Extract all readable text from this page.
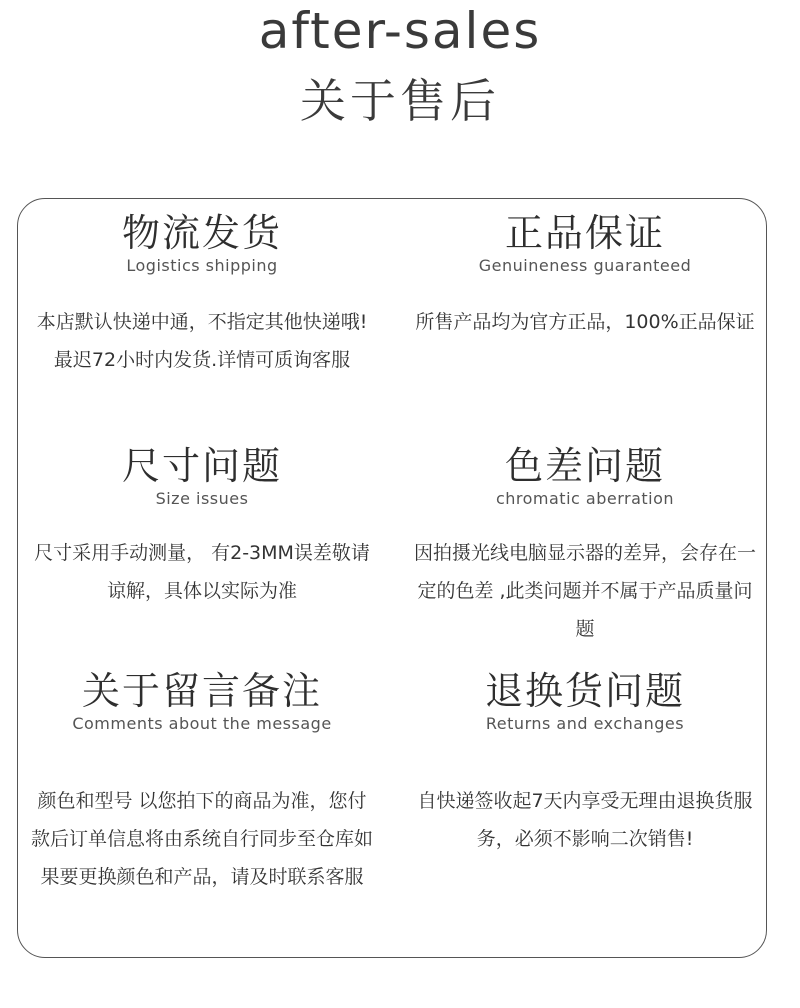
after-sales
关于售后
物流发货
Logistics shipping
本店默认快递中通，不指定其他快递哦!最迟72小时内发货.详情可质询客服
正品保证
Genuineness guaranteed
所售产品均为官方正品，100%正品保证
尺寸问题
Size issues
尺寸采用手动测量， 有2-3MM误差敬请谅解，具体以实际为准
色差问题
chromatic aberration
因拍摄光线电脑显示器的差异，会存在一定的色差 ,此类问题并不属于产品质量问题
关于留言备注
Comments about the message
颜色和型号 以您拍下的商品为准，您付款后订单信息将由系统自行同步至仓库如果要更换颜色和产品，请及时联系客服
退换货问题
Returns and exchanges
自快递签收起7天内享受无理由退换货服务，必须不影响二次销售!
